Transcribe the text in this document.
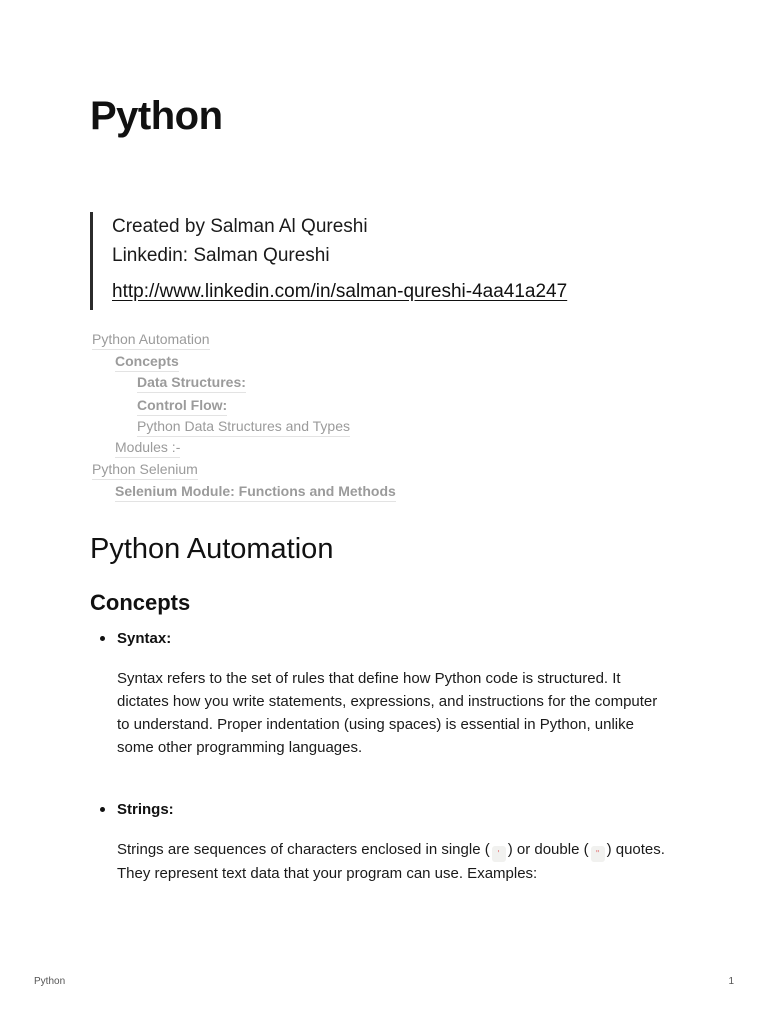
Python
Created by Salman Al Qureshi
Linkedin: Salman Qureshi
http://www.linkedin.com/in/salman-qureshi-4aa41a247
Python Automation
Concepts
Data Structures:
Control Flow:
Python Data Structures and Types
Modules :-
Python Selenium
Selenium Module: Functions and Methods
Python Automation
Concepts
Syntax:
Syntax refers to the set of rules that define how Python code is structured. It dictates how you write statements, expressions, and instructions for the computer to understand. Proper indentation (using spaces) is essential in Python, unlike some other programming languages.
Strings:
Strings are sequences of characters enclosed in single ( ' ) or double ( " ) quotes. They represent text data that your program can use. Examples:
Python	1
